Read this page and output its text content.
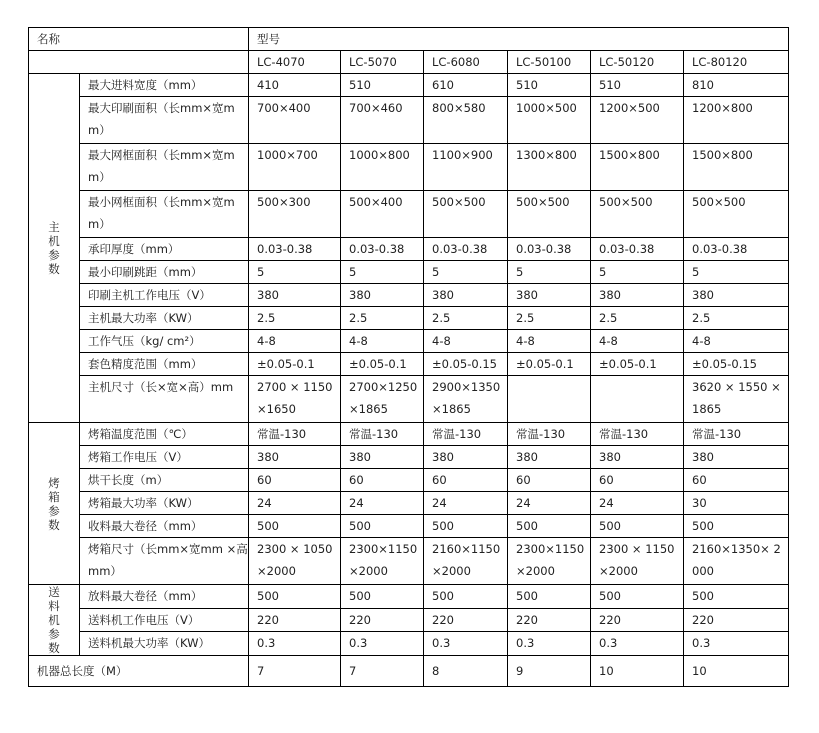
名称		型号					
		LC-4070	LC-5070	LC-6080	LC-50100	LC-50120	LC-80120
主机参数	最大进料宽度（mm）	410	510	610	510	510	810
	最大印刷面积（长mm×宽mm）	700×400	700×460	800×580	1000×500	1200×500	1200×800
	最大网框面积（长mm×宽mm）	1000×700	1000×800	1100×900	1300×800	1500×800	1500×800
	最小网框面积（长mm×宽mm）	500×300	500×400	500×500	500×500	500×500	500×500
	承印厚度（mm）	0.03-0.38	0.03-0.38	0.03-0.38	0.03-0.38	0.03-0.38	0.03-0.38
	最小印刷跳距（mm）	5	5	5	5	5	5
	印刷主机工作电压（V）	380	380	380	380	380	380
	主机最大功率（KW）	2.5	2.5	2.5	2.5	2.5	2.5
	工作气压（kg/ cm²）	4-8	4-8	4-8	4-8	4-8	4-8
	套色精度范围（mm）	±0.05-0.1	±0.05-0.1	±0.05-0.15	±0.05-0.1	±0.05-0.1	±0.05-0.15
	主机尺寸（长×宽×高）mm	2700 × 1150 ×1650	2700×1250 ×1865	2900×1350 ×1865			3620 × 1550 × 1865
烤箱参数	烤箱温度范围（℃）	常温-130	常温-130	常温-130	常温-130	常温-130	常温-130
	烤箱工作电压（V）	380	380	380	380	380	380
	烘干长度（m）	60	60	60	60	60	60
	烤箱最大功率（KW）	24	24	24	24	24	30
	收料最大卷径（mm）	500	500	500	500	500	500
	烤箱尺寸（长mm×宽mm ×高mm）	2300 × 1050 ×2000	2300×1150 ×2000	2160×1150 ×2000	2300×1150 ×2000	2300 × 1150 ×2000	2160×1350× 2000
送料机参数	放料最大卷径（mm）	500	500	500	500	500	500
	送料机工作电压（V）	220	220	220	220	220	220
	送料机最大功率（KW）	0.3	0.3	0.3	0.3	0.3	0.3
机器总长度（M）		7	7	8	9	10	10
